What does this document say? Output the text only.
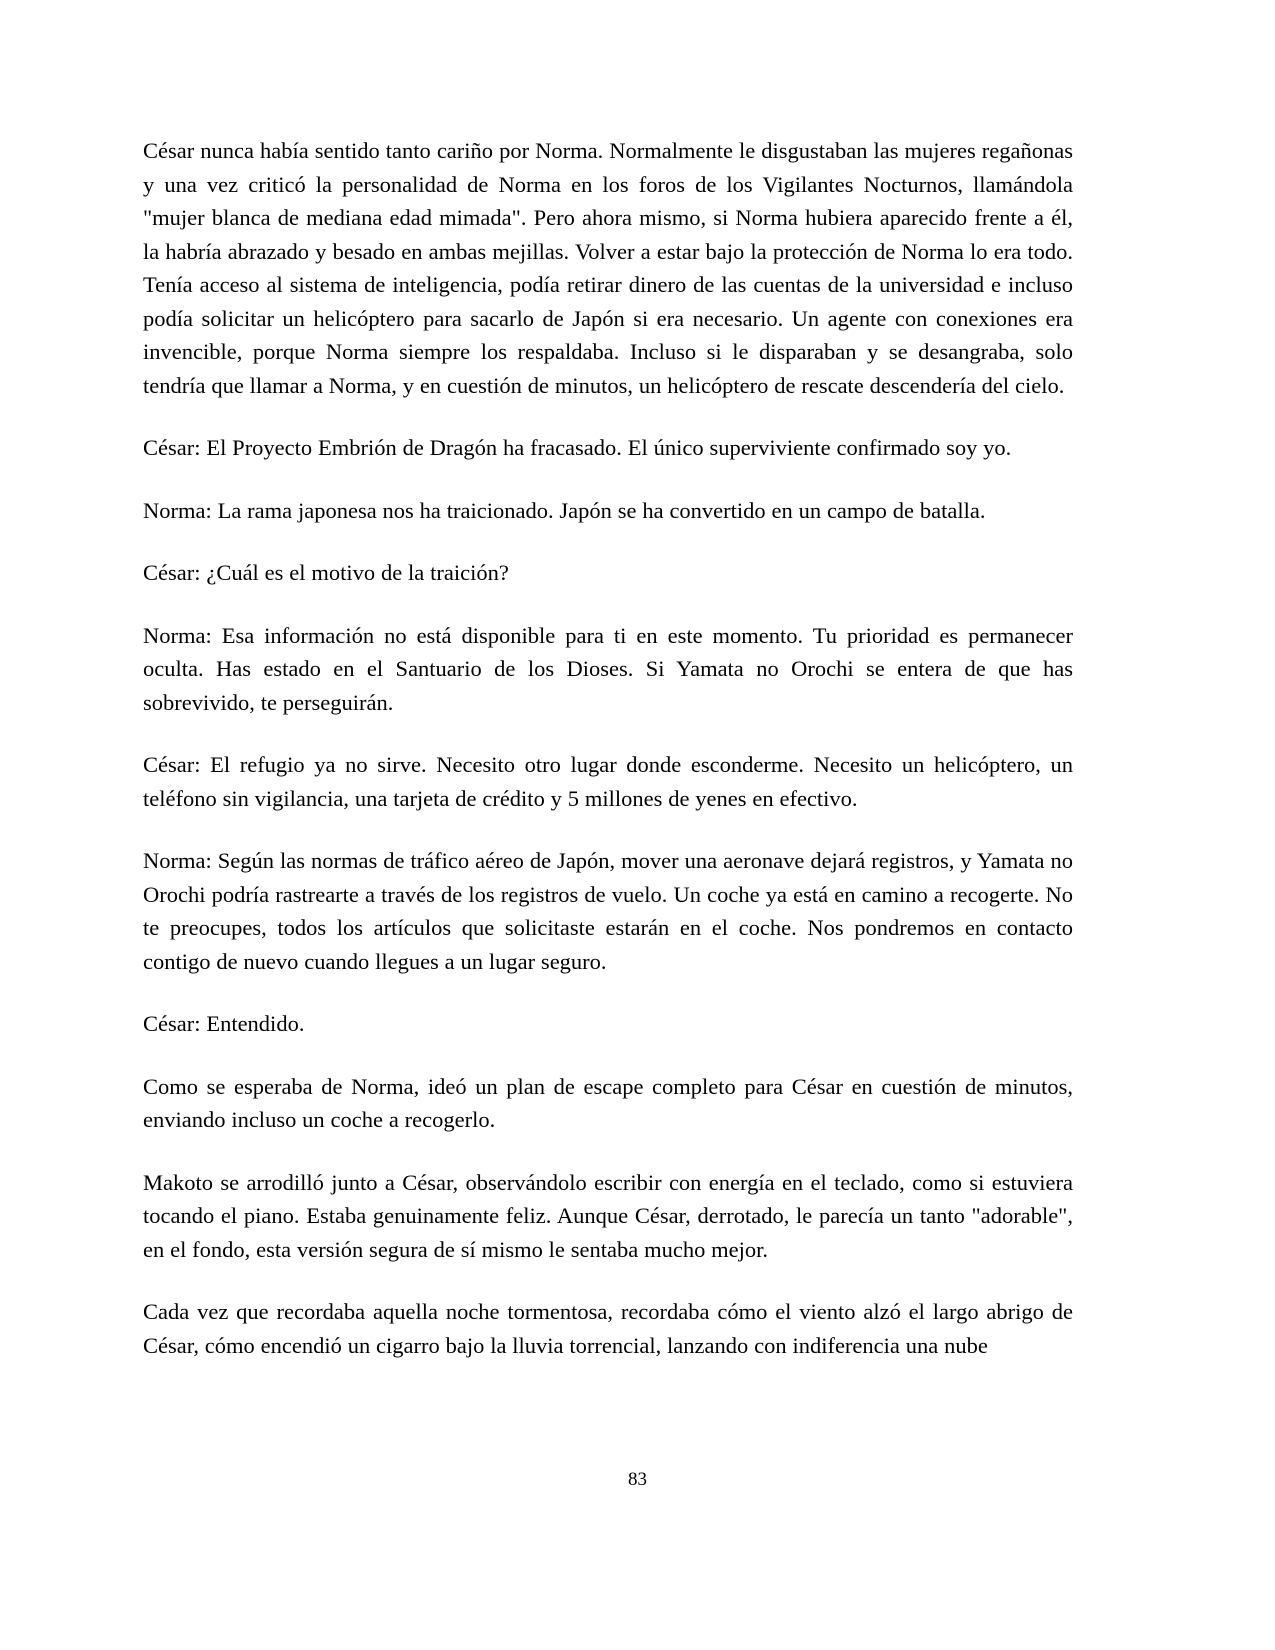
César nunca había sentido tanto cariño por Norma. Normalmente le disgustaban las mujeres regañonas y una vez criticó la personalidad de Norma en los foros de los Vigilantes Nocturnos, llamándola "mujer blanca de mediana edad mimada". Pero ahora mismo, si Norma hubiera aparecido frente a él, la habría abrazado y besado en ambas mejillas. Volver a estar bajo la protección de Norma lo era todo. Tenía acceso al sistema de inteligencia, podía retirar dinero de las cuentas de la universidad e incluso podía solicitar un helicóptero para sacarlo de Japón si era necesario. Un agente con conexiones era invencible, porque Norma siempre los respaldaba. Incluso si le disparaban y se desangraba, solo tendría que llamar a Norma, y en cuestión de minutos, un helicóptero de rescate descendería del cielo.

César: El Proyecto Embrión de Dragón ha fracasado. El único superviviente confirmado soy yo.

Norma: La rama japonesa nos ha traicionado. Japón se ha convertido en un campo de batalla.

César: ¿Cuál es el motivo de la traición?

Norma: Esa información no está disponible para ti en este momento. Tu prioridad es permanecer oculta. Has estado en el Santuario de los Dioses. Si Yamata no Orochi se entera de que has sobrevivido, te perseguirán.

César: El refugio ya no sirve. Necesito otro lugar donde esconderme. Necesito un helicóptero, un teléfono sin vigilancia, una tarjeta de crédito y 5 millones de yenes en efectivo.

Norma: Según las normas de tráfico aéreo de Japón, mover una aeronave dejará registros, y Yamata no Orochi podría rastrearte a través de los registros de vuelo. Un coche ya está en camino a recogerte. No te preocupes, todos los artículos que solicitaste estarán en el coche. Nos pondremos en contacto contigo de nuevo cuando llegues a un lugar seguro.

César: Entendido.

Como se esperaba de Norma, ideó un plan de escape completo para César en cuestión de minutos, enviando incluso un coche a recogerlo.

Makoto se arrodilló junto a César, observándolo escribir con energía en el teclado, como si estuviera tocando el piano. Estaba genuinamente feliz. Aunque César, derrotado, le parecía un tanto "adorable", en el fondo, esta versión segura de sí mismo le sentaba mucho mejor.

Cada vez que recordaba aquella noche tormentosa, recordaba cómo el viento alzó el largo abrigo de César, cómo encendió un cigarro bajo la lluvia torrencial, lanzando con indiferencia una nube

83
